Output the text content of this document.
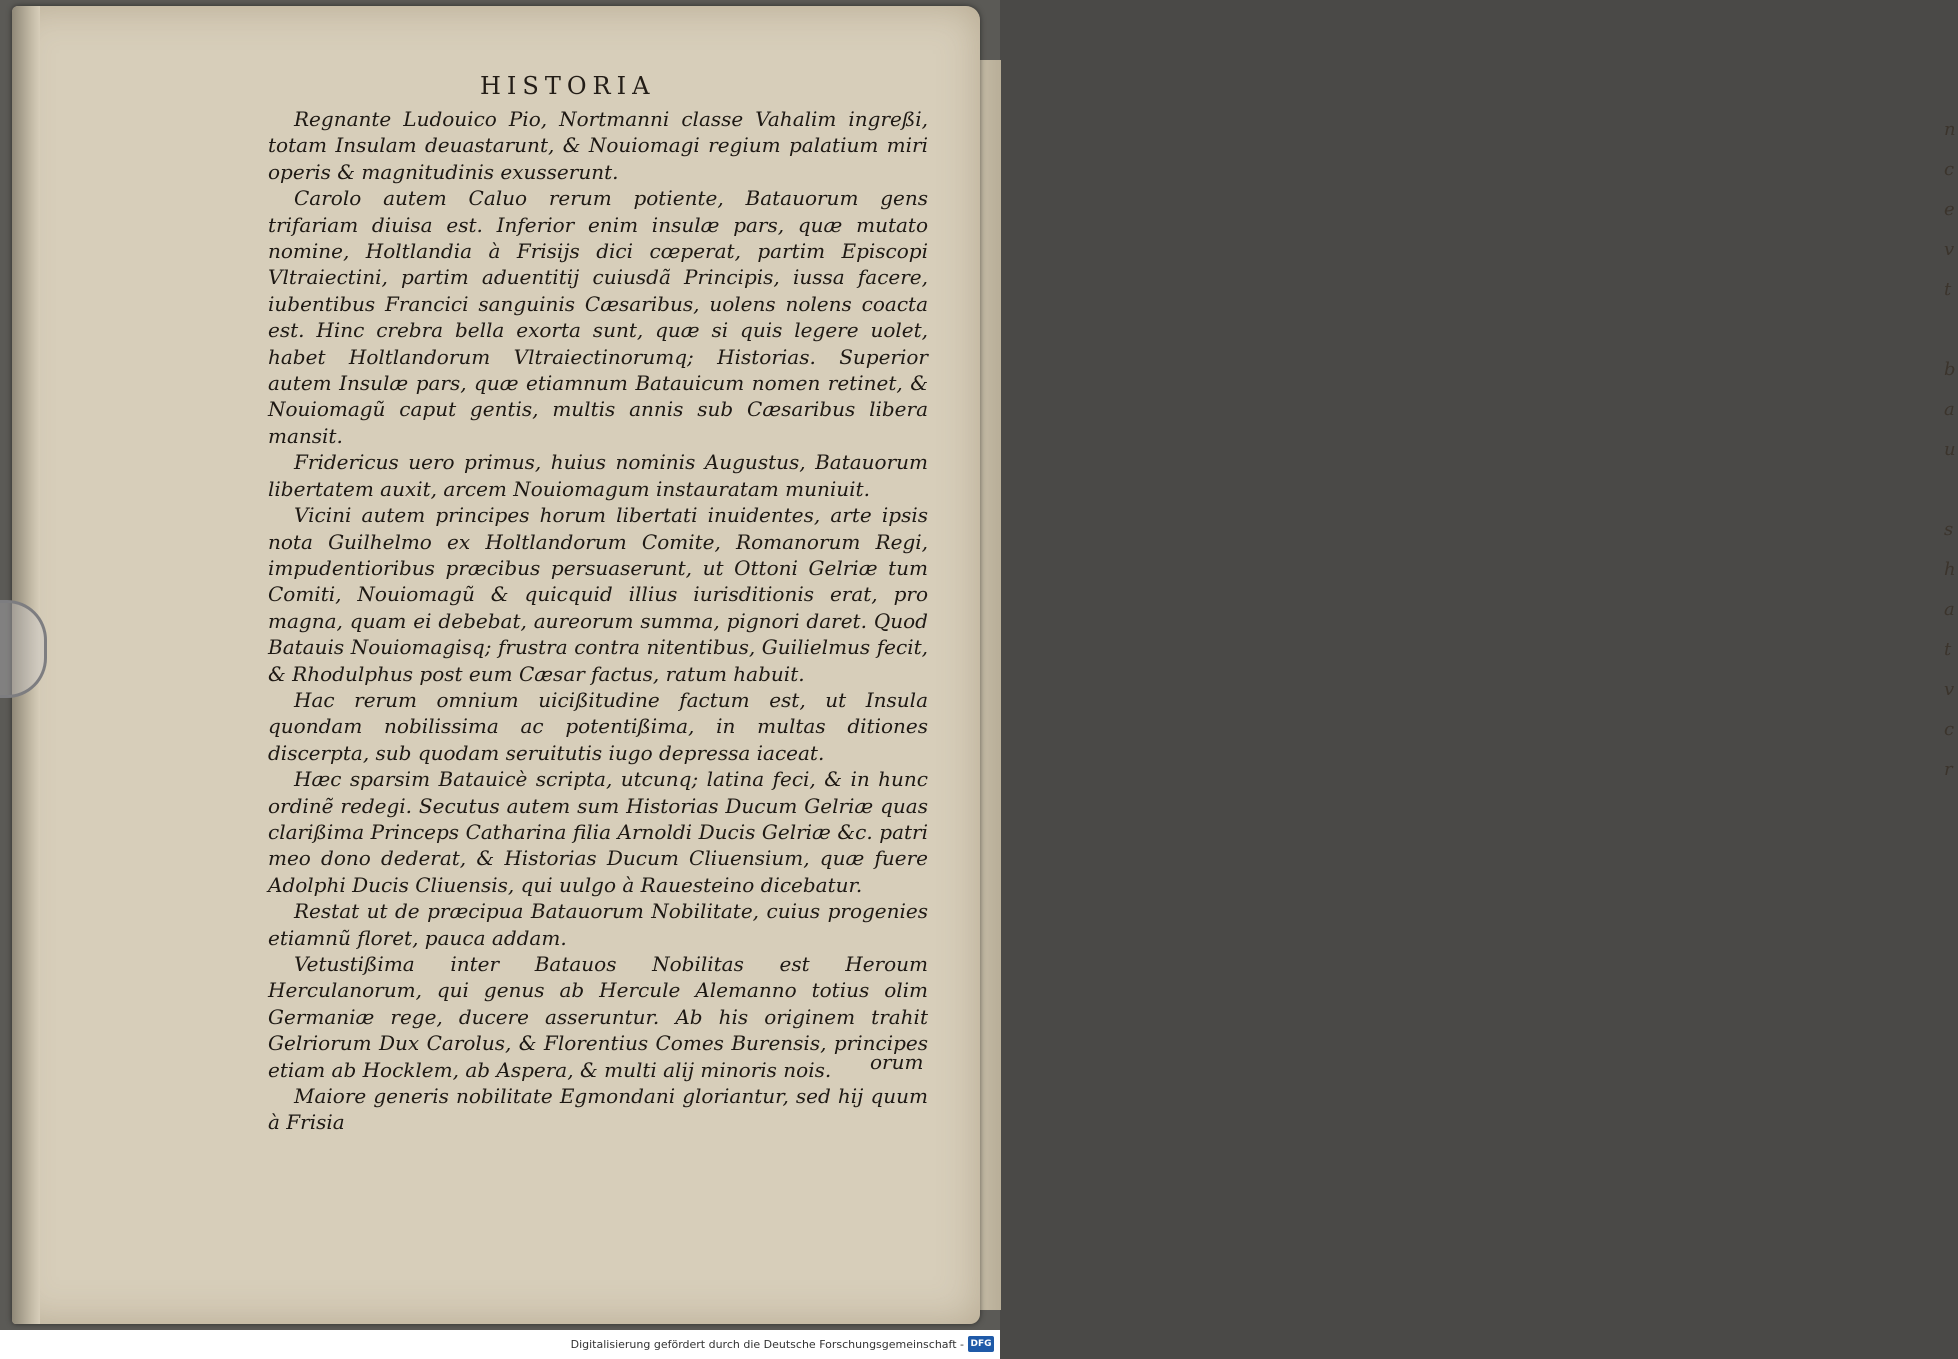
n
c
e
v
t
b
a
u
s
h
a
t
v
c
r
HISTORIA

Regnante Ludouico Pio, Nortmanni classe Vahalim ingreßi, totam Insulam deuastarunt, & Nouiomagi regium palatium miri operis & magnitudinis exusserunt.

Carolo autem Caluo rerum potiente, Batauorum gens trifariam diuisa est. Inferior enim insulæ pars, quæ mutato nomine, Holtlandia à Frisijs dici cœperat, partim Episcopi Vltraiectini, partim aduentitij cuiusdã Principis, iussa facere, iubentibus Francici sanguinis Cæsaribus, uolens nolens coacta est. Hinc crebra bella exorta sunt, quæ si quis legere uolet, habet Holtlandorum Vltraiectinorumq; Historias. Superior autem Insulæ pars, quæ etiamnum Batauicum nomen retinet, & Nouiomagũ caput gentis, multis annis sub Cæsaribus libera mansit.

Fridericus uero primus, huius nominis Augustus, Batauorum libertatem auxit, arcem Nouiomagum instauratam muniuit.

Vicini autem principes horum libertati inuidentes, arte ipsis nota Guilhelmo ex Holtlandorum Comite, Romanorum Regi, impudentioribus præcibus persuaserunt, ut Ottoni Gelriæ tum Comiti, Nouiomagũ & quicquid illius iurisditionis erat, pro magna, quam ei debebat, aureorum summa, pignori daret. Quod Batauis Nouiomagisq; frustra contra nitentibus, Guilielmus fecit, & Rhodulphus post eum Cæsar factus, ratum habuit.

Hac rerum omnium uicißitudine factum est, ut Insula quondam nobilissima ac potentißima, in multas ditiones discerpta, sub quodam seruitutis iugo depressa iaceat.

Hæc sparsim Batauicè scripta, utcunq; latina feci, & in hunc ordinẽ redegi. Secutus autem sum Historias Ducum Gelriæ quas clarißima Princeps Catharina filia Arnoldi Ducis Gelriæ &c. patri meo dono dederat, & Historias Ducum Cliuensium, quæ fuere Adolphi Ducis Cliuensis, qui uulgo à Rauesteino dicebatur.

Restat ut de præcipua Batauorum Nobilitate, cuius progenies etiamnũ floret, pauca addam.

Vetustißima inter Batauos Nobilitas est Heroum Herculanorum, qui genus ab Hercule Alemanno totius olim Germaniæ rege, ducere asseruntur. Ab his originem trahit Gelriorum Dux Carolus, & Florentius Comes Burensis, principes etiam ab Hocklem, ab Aspera, & multi alij minoris nois.

Maiore generis nobilitate Egmondani gloriantur, sed hij quum à Frisia

orum
Digitalisierung gefördert durch die Deutsche Forschungsgemeinschaft - DFG
